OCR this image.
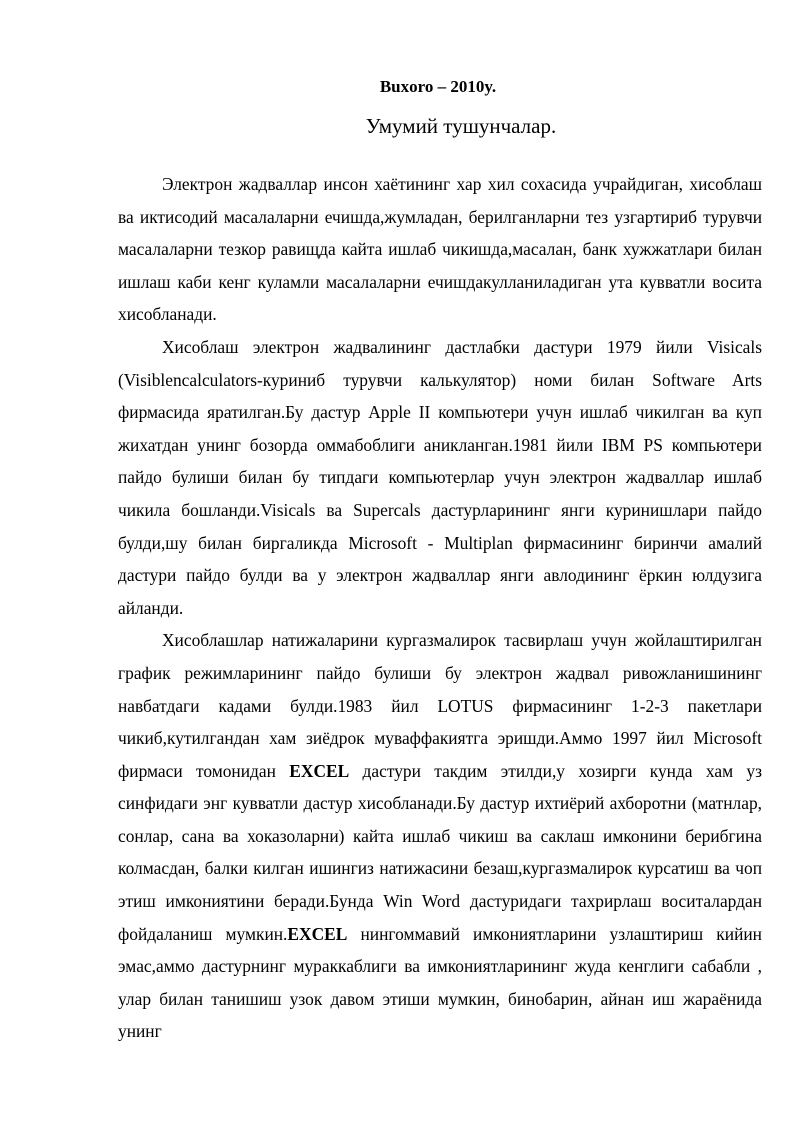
Buxoro – 2010y.
Умумий тушунчалар.

Электрон жадваллар инсон хаётининг хар хил сохасида учрайдиган, хисоблаш ва иктисодий масалаларни ечишда,жумладан, берилганларни тез узгартириб турувчи масалаларни тезкор равищда кайта ишлаб чикишда,масалан, банк хужжатлари билан ишлаш каби кенг куламли масалаларни ечишдакулланиладиган ута кувватли восита хисобланади.

Хисоблаш электрон жадвалининг дастлабки дастури 1979 йили Visicals (Visiblencalculators-куриниб турувчи калькулятор) номи билан Software Arts фирмасида яратилган.Бу дастур Apple II компьютери учун ишлаб чикилган ва куп жихатдан унинг бозорда оммабоблиги аникланган.1981 йили IBM PS компьютери пайдо булиши билан бу типдаги компьютерлар учун электрон жадваллар ишлаб чикила бошланди.Visicals ва Supercals дастурларининг янги куринишлари пайдо булди,шу билан биргаликда Microsoft - Multiplan фирмасининг биринчи амалий дастури пайдо булди ва у электрон жадваллар янги авлодининг ёркин юлдузига айланди.

Хисоблашлар натижаларини кургазмалирок тасвирлаш учун жойлаштирилган график режимларининг пайдо булиши бу электрон жадвал ривожланишининг навбатдаги кадами булди.1983 йил LOTUS фирмасининг 1-2-3 пакетлари чикиб,кутилгандан хам зиёдрок муваффакиятга эришди.Аммо 1997 йил Microsoft фирмаси томонидан EXCEL дастури такдим этилди,у хозирги кунда хам уз синфидаги энг кувватли дастур хисобланади.Бу дастур ихтиёрий ахборотни (матнлар, сонлар, сана ва хоказоларни) кайта ишлаб чикиш ва саклаш имконини берибгина колмасдан, балки килган ишингиз натижасини безаш,кургазмалирок курсатиш ва чоп этиш имкониятини беради.Бунда Win Word дастуридаги тахрирлаш воситалардан фойдаланиш мумкин.EXCEL нингоммавий имкониятларини узлаштириш кийин эмас,аммо дастурнинг мураккаблиги ва имкониятларининг жуда кенглиги сабабли , улар билан танишиш узок давом этиши мумкин, бинобарин, айнан иш жараёнида унинг
